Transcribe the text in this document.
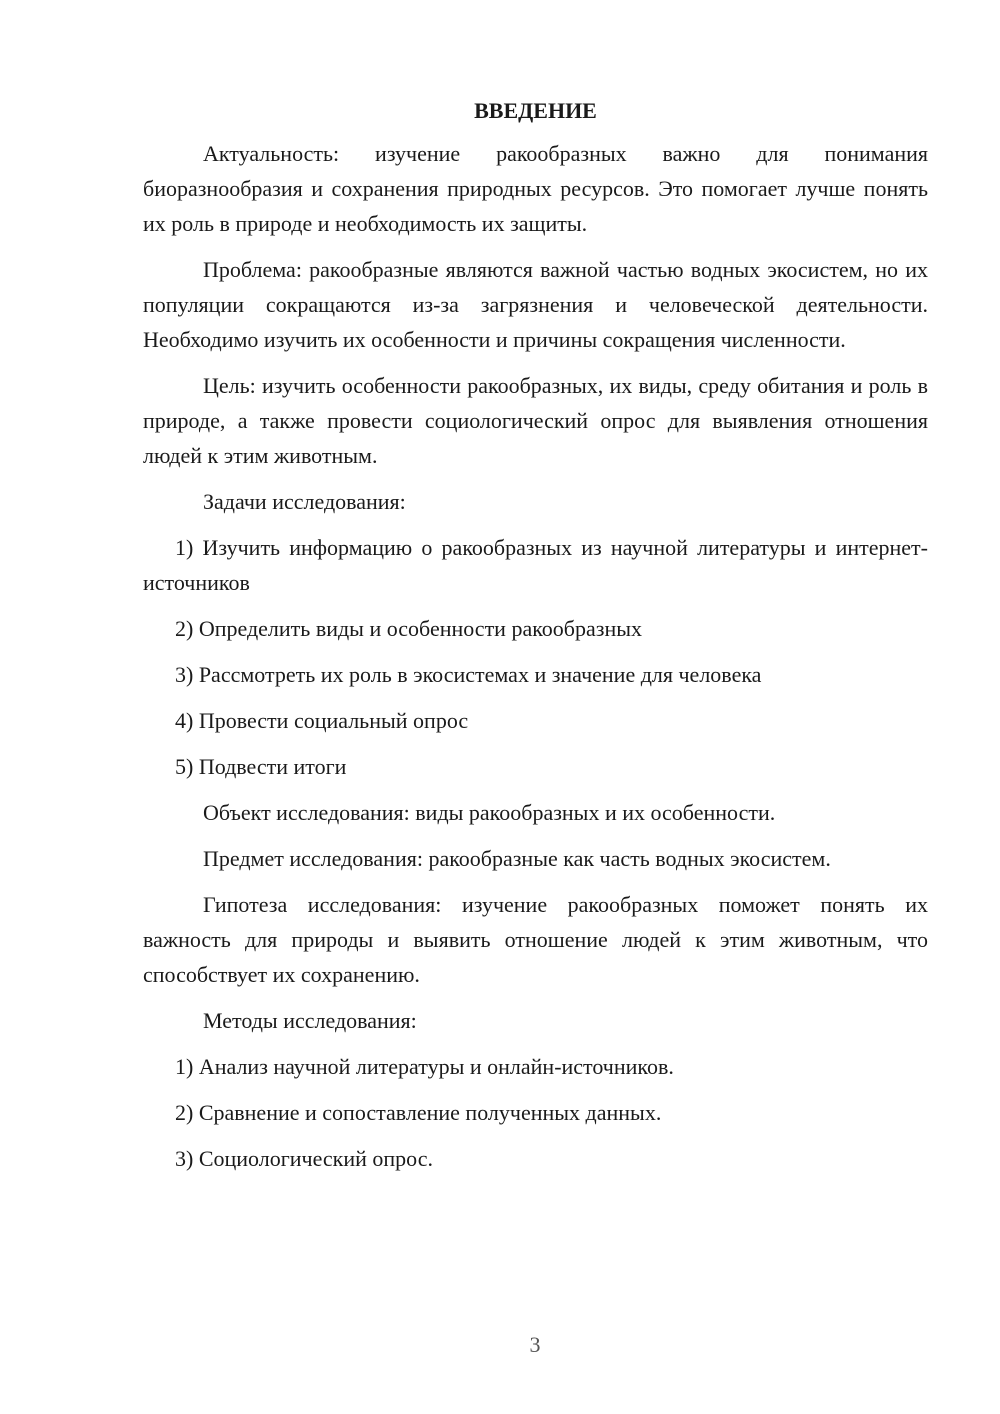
ВВЕДЕНИЕ

Актуальность: изучение ракообразных важно для понимания биоразнообразия и сохранения природных ресурсов. Это помогает лучше понять их роль в природе и необходимость их защиты.

Проблема: ракообразные являются важной частью водных экосистем, но их популяции сокращаются из-за загрязнения и человеческой деятельности. Необходимо изучить их особенности и причины сокращения численности.

Цель: изучить особенности ракообразных, их виды, среду обитания и роль в природе, а также провести социологический опрос для выявления отношения людей к этим животным.

Задачи исследования:

1) Изучить информацию о ракообразных из научной литературы и интернет-источников

2) Определить виды и особенности ракообразных

3) Рассмотреть их роль в экосистемах и значение для человека

4) Провести социальный опрос

5) Подвести итоги

Объект исследования: виды ракообразных и их особенности.

Предмет исследования: ракообразные как часть водных экосистем.

Гипотеза исследования: изучение ракообразных поможет понять их важность для природы и выявить отношение людей к этим животным, что способствует их сохранению.

Методы исследования:

1) Анализ научной литературы и онлайн-источников.

2) Сравнение и сопоставление полученных данных.

3) Социологический опрос.

3
